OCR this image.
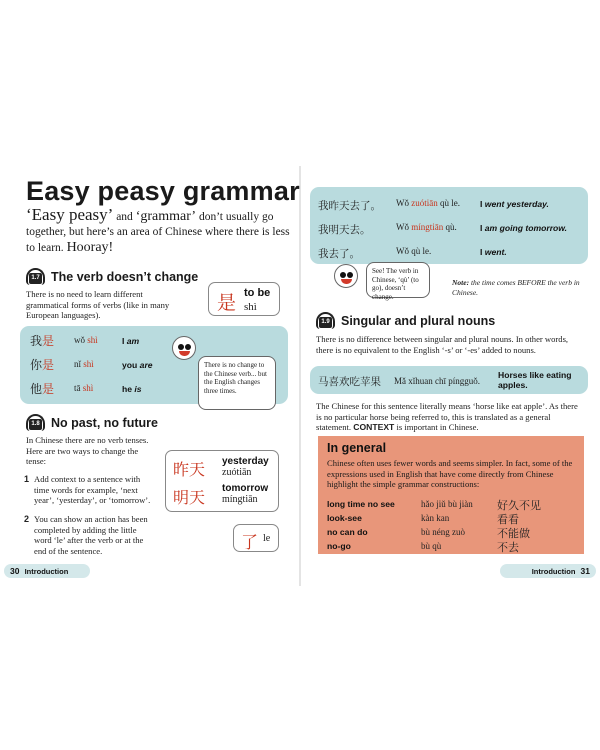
Easy peasy grammar
‘Easy peasy’ and ‘grammar’ don’t usually go together, but here’s an area of Chinese where there is less to learn. Hooray!
1.7 The verb doesn’t change
There is no need to learn different grammatical forms of verbs (like in many European languages).
是 to be
shì
我是 wǒ shì	I am
你是 nǐ shì	you are
他是 tā shì	he is
There is no change to the Chinese verb... but the English changes three times.
1.8 No past, no future
In Chinese there are no verb tenses. Here are two ways to change the tense:
1 Add context to a sentence with time words for example, ‘next year’, ‘yesterday’, or ‘tomorrow’.
2 You can show an action has been completed by adding the little word ‘le’ after the verb or at the end of the sentence.
昨天 yesterday
zuótiān
明天 tomorrow
míngtiān
了 le
30 Introduction
我昨天去了。 Wǒ zuótiān qù le. I went yesterday.
我明天去。	Wǒ míngtiān qù.	I am going tomorrow.
我去了。	Wǒ qù le.	I went.
See! The verb in Chinese, ‘qù’ (to go), doesn’t change.
Note: the time comes BEFORE the verb in Chinese.
1.9 Singular and plural nouns
There is no difference between singular and plural nouns. In other words, there is no equivalent to the English ‘-s’ or ‘-es’ added to nouns.
马喜欢吃苹果 Mǎ xǐhuan chī píngguǒ.
Horses like eating apples.
The Chinese for this sentence literally means ‘horse like eat apple’. As there is no particular horse being referred to, this is translated as a general statement. CONTEXT is important in Chinese.
In general
Chinese often uses fewer words and seems simpler. In fact, some of the expressions used in English that have come directly from Chinese highlight the simple grammar constructions:
long time no see	hǎo jiǔ bù jiàn 好久不见
look-see	kàn kan	看看
no can do	bù néng zuò	不能做
no-go	bù qù	不去
Introduction 31
